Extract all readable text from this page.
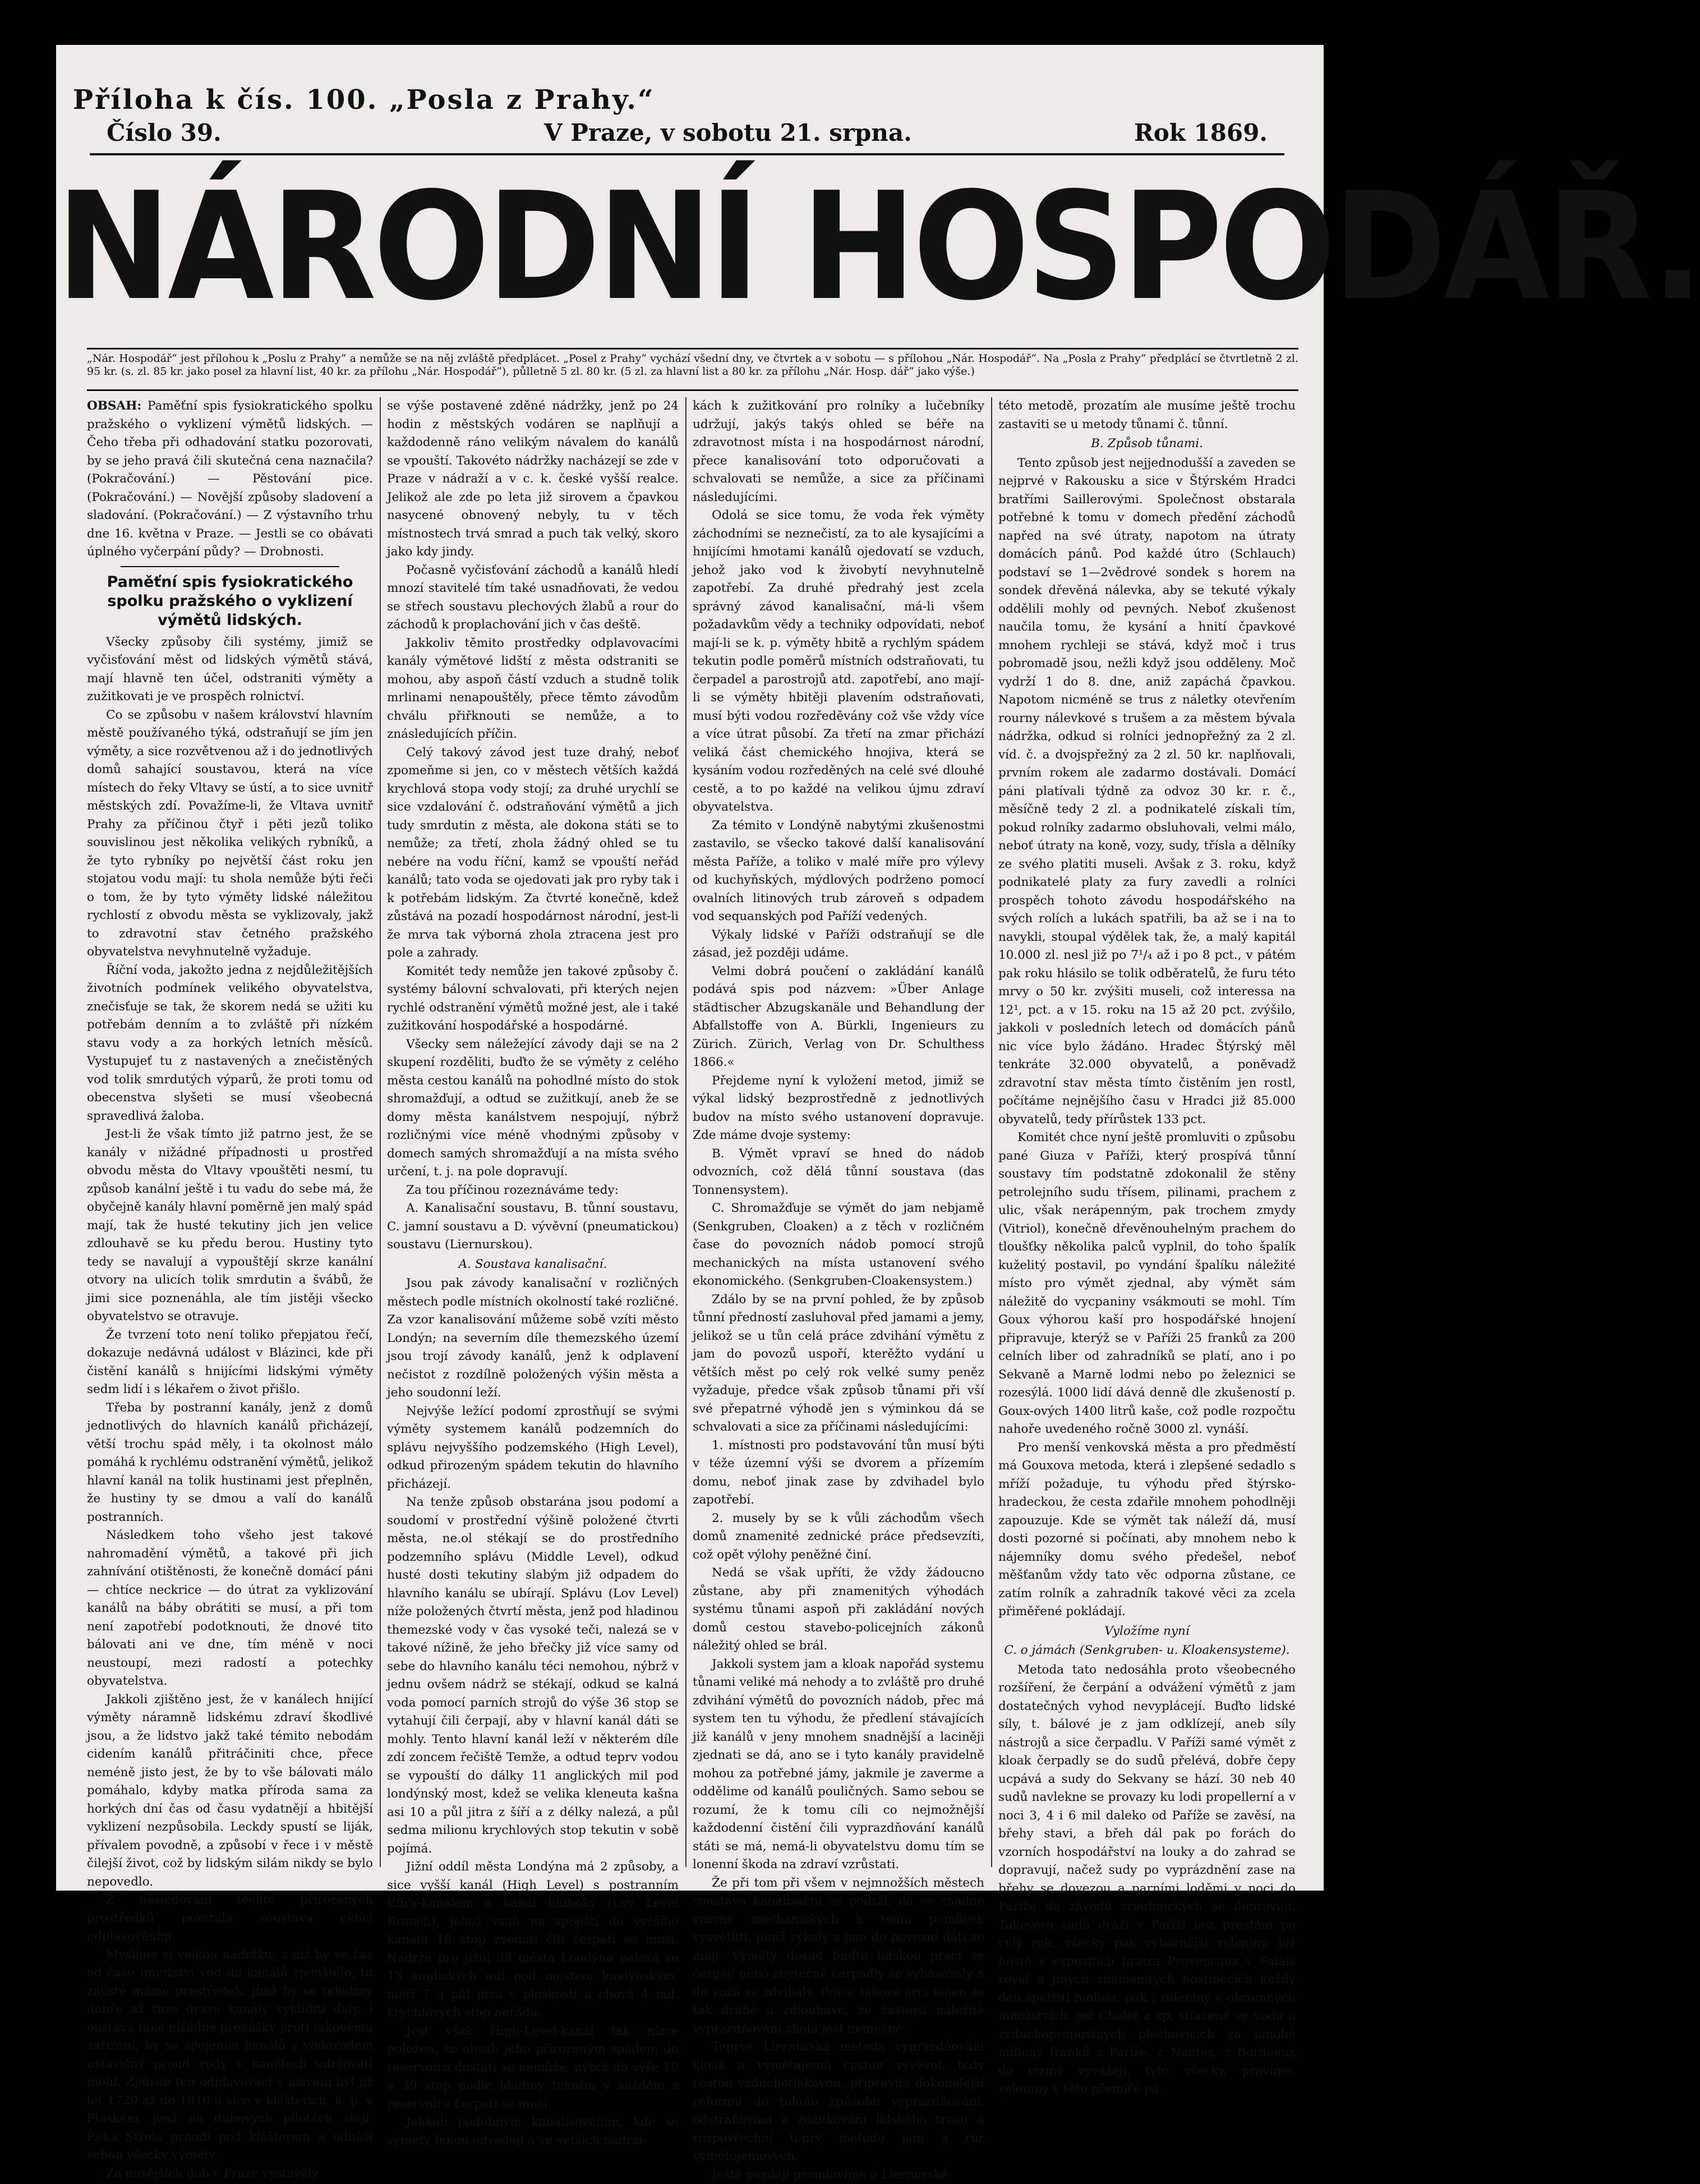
Příloha k čís. 100. „Posla z Prahy.“
Číslo 39.	V Praze, v sobotu 21. srpna.	Rok 1869.
NÁRODNÍ HOSPODÁŘ.
„Nár. Hospodář“ jest přílohou k „Poslu z Prahy“ a nemůže se na něj zvláště předplácet. „Posel z Prahy“ vychází všední dny, ve čtvrtek a v sobotu — s přílohou „Nár. Hospodář“. Na „Posla z Prahy“ předplácí se čtvrtletně 2 zl. 95 kr. (s. zl. 85 kr. jako posel za hlavní list, 40 kr. za přílohu „Nár. Hospodář“), půlletně 5 zl. 80 kr. (5 zl. za hlavní list a 80 kr. za přílohu „Nár. Hosp. dář“ jako výše.)

OBSAH: Paměťní spis fysiokratického spolku pražského o vyklizení výmětů lidských. — Čeho třeba při odhadování statku pozorovati, by se jeho pravá čili skutečná cena naznačila? (Pokračování.) — Pěstování pice. (Pokračování.) — Novější způsoby sladovení a sladování. (Pokračování.) — Z výstavního trhu dne 16. května v Praze. — Jestli se co obávati úplného vyčerpání půdy? — Drobnosti.

Paměťní spis fysiokratického spolku pražského o vyklizení výmětů lidských.

Všecky způsoby čili systémy, jimiž se vyčisťování měst od lidských výmětů stává, mají hlavně ten účel, odstraniti výměty a zužitkovati je ve prospěch rolnictví.

Co se způsobu v našem království hlavním městě používaného týká, odstraňují se jím jen výměty, a sice rozvětvenou až i do jednotlivých domů sahající soustavou, která na více místech do řeky Vltavy se ústí, a to sice uvnitř městských zdí. Považíme-li, že Vltava uvnitř Prahy za příčinou čtyř i pěti jezů toliko souvislinou jest několika velikých rybníků, a že tyto rybníky po největší část roku jen stojatou vodu mají: tu shola nemůže býti řeči o tom, že by tyto výměty lidské náležitou rychlostí z obvodu města se vyklizovaly, jakž to zdravotní stav četného pražského obyvatelstva nevyhnutelně vyžaduje.

Říční voda, jakožto jedna z nejdůležitějších životních podmínek velikého obyvatelstva, znečisťuje se tak, že skorem nedá se užiti ku potřebám denním a to zvláště při nízkém stavu vody a za horkých letních měsíců. Vystupujeť tu z nastavených a znečistěných vod tolik smrdutých výparů, že proti tomu od obecenstva slyšeti se musí všeobecná spravedlivá žaloba.

Jest-li že však tímto již patrno jest, že se kanály v nižádné případnosti u prostřed obvodu města do Vltavy vpouštěti nesmí, tu způsob kanální ještě i tu vadu do sebe má, že obyčejně kanály hlavní poměrně jen malý spád mají, tak že husté tekutiny jich jen velice zdlouhavě se ku předu berou. Hustiny tyto tedy se navalují a vypouštějí skrze kanální otvory na ulicích tolik smrdutin a švábů, že jimi sice poznenáhla, ale tím jistěji všecko obyvatelstvo se otravuje.

Že tvrzení toto není toliko přepjatou řečí, dokazuje nedávná událost v Blázinci, kde při čistění kanálů s hnijícími lidskými výměty sedm lidí i s lékařem o život přišlo.

Třeba by postranní kanály, jenž z domů jednotlivých do hlavních kanálů přicházejí, větší trochu spád měly, i ta okolnost málo pomáhá k rychlému odstranění výmětů, jelikož hlavní kanál na tolik hustinami jest přeplněn, že hustiny ty se dmou a valí do kanálů postranních.

Následkem toho všeho jest takové nahromadění výmětů, a takové při jich zahnívání otištěnosti, že konečně domácí páni — chtíce neckrice — do útrat za vyklizování kanálů na báby obrátiti se musí, a při tom není zapotřebí podotknouti, že dnové tito bálovati ani ve dne, tím méně v noci neustoupí, mezi radostí a potechky obyvatelstva.

Jakkoli zjištěno jest, že v kanálech hnijící výměty náramně lidskému zdraví škodlivé jsou, a že lidstvo jakž také témito nebodám cidením kanálů přitráčiniti chce, přece neméně jisto jest, že by to vše bálovati málo pomáhalo, kdyby matka příroda sama za horkých dní čas od času vydatnějí a hbitější vyklizení nezpůsobila. Leckdy spustí se liják, přívalem povodně, a způsobí v řece i v městě čilejší život, což by lidským silám nikdy se bylo nepovedlo.

Z následování těchto přirozených prostředků povstala soustava cídící odplavováním.

Myslíme si velkou nádržku, z níž by se čas od času množství vod do kanálů spouštělo, tu zajisté máme prostředek, jímž by se tekutiny dobře až tuze draze kanály vykliditi daly, i oustává také nížádné překážky proti takovému zařízení, by se spojením kanálů s vodovodem ustavičný proud vody v kanálech udržovati mohl. Způsob ten odplavovací v užívání byl již let 1720 až do 1810 a sice v klášterích, k. p. v Plaském, jenž na dubových pilotách stojí. Řeka Střela proudí pod klášterem a odnáší sebou všecky výměty.

Za novějších dob v Praze vystavěly

se výše postavené zděné nádržky, jenž po 24 hodin z městských vodáren se naplňují a každodenně ráno velikým návalem do kanálů se vpouští. Takovéto nádržky nacházejí se zde v Praze v nádraží a v c. k. české vyšší realce. Jelikož ale zde po leta již sirovem a čpavkou nasycené obnovený nebyly, tu v těch místnostech trvá smrad a puch tak velký, skoro jako kdy jindy.

Počasně vyčisťování záchodů a kanálů hledí mnozí stavitelé tím také usnadňovati, že vedou se střech soustavu plechových žlabů a rour do záchodů k proplachování jich v čas deště.

Jakkoliv těmito prostředky odplavovacími kanály výmětové lidští z města odstraniti se mohou, aby aspoň částí vzduch a studně tolik mrlinami nenapouštěly, přece těmto závodům chválu přiřknouti se nemůže, a to znásledujících příčin.

Celý takový závod jest tuze drahý, neboť zpomeňme si jen, co v městech větších každá krychlová stopa vody stojí; za druhé urychlí se sice vzdalování č. odstraňování výmětů a jich tudy smrdutin z města, ale dokona státi se to nemůže; za třetí, zhola žádný ohled se tu nebére na vodu říční, kamž se vpouští neřád kanálů; tato voda se ojedovati jak pro ryby tak i k potřebám lidským. Za čtvrté konečně, kdež zůstává na pozadí hospodárnost národní, jest-li že mrva tak výborná zhola ztracena jest pro pole a zahrady.

Komitét tedy nemůže jen takové způsoby č. systémy bálovní schvalovati, při kterých nejen rychlé odstranění výmětů možné jest, ale i také zužitkování hospodářské a hospodárné.

Všecky sem náležející závody daji se na 2 skupení rozděliti, buďto že se výměty z celého města cestou kanálů na pohodlné místo do stok shromažďují, a odtud se zužitkují, aneb že se domy města kanálstvem nespojují, nýbrž rozličnými více méně vhodnými způsoby v domech samých shromažďují a na místa svého určení, t. j. na pole dopravují.

Za tou příčinou rozeznáváme tedy:

A. Kanalisační soustavu, B. tůnní soustavu, C. jamní soustavu a D. vývěvní (pneumatickou) soustavu (Liernurskou).

A. Soustava kanalisační.

Jsou pak závody kanalisační v rozličných městech podle místních okolností také rozličné. Za vzor kanalisování můžeme sobě vzíti město Londýn; na severním díle themezského území jsou trojí závody kanálů, jenž k odplavení nečistot z rozdílně položených výšin města a jeho soudonní leží.

Nejvýše ležící podomí zprostňují se svými výměty systemem kanálů podzemních do splávu nejvyššího podzemského (High Level), odkud přirozeným spádem tekutin do hlavního přicházejí.

Na tenže způsob obstarána jsou podomí a soudomí v prostřední výšině položené čtvrti města, ne.ol stékají se do prostředního podzemního splávu (Middle Level), odkud husté dosti tekutiny slabým již odpadem do hlavního kanálu se ubírají. Splávu (Lov Level) níže položených čtvrtí města, jenž pod hladinou themezské vody v čas vysoké teči, nalezá se v takové nížině, že jeho břečky již více samy od sebe do hlavního kanálu téci nemohou, nýbrž v jednu ovšem nádrž se stékají, odkud se kalná voda pomocí parních strojů do výše 36 stop se vytahují čili čerpají, aby v hlavní kanál dáti se mohly. Tento hlavní kanál leží v některém díle zdí zoncem řečiště Temže, a odtud teprv vodou se vypouští do dálky 11 anglických mil pod londýnský most, kdež se velika kleneuta kašna asi 10 a půl jitra z šíří a z délky nalezá, a půl sedma milionu krychlových stop tekutin v sobě pojímá.

Jižní oddíl města Londýna má 2 způsoby, a sice vyšší kanál (High Level) s postranním Effra-kanálem a kanál hluboký (Lov Level Branch), jehož vsah na spojiští do vyššího kanálu 18 stop zvedati čili čerpati se musí. Nádrže pro jižní díl města Londýna nalezá se 13 anglických mil pod mostem londýnským, měří 7 a půl jitra v ploskosti a chová 4 mil. krychlových stop neřádu.

Jest však High-Level-kanál tak nízce položen, že obsah jeho přirozeným spádem do reservoiru dostati se nemůže, nýbrž do výše 10 a 30 stop podle hladiny tekutin v každém z reservoiru čerpati se musí.

Jakkoli podobným kanalisováním, kde se výměty fekou odvádějí a ve větších nádrží-

kách k zužitkování pro rolníky a lučebníky udržují, jakýs takýs ohled se béře na zdravotnost místa i na hospodárnost národní, přece kanalisování toto odporučovati a schvalovati se nemůže, a sice za příčinami následujícími.

Odolá se sice tomu, že voda řek výměty záchodními se neznečistí, za to ale kysajícími a hnijícími hmotami kanálů ojedovatí se vzduch, jehož jako vod k živobytí nevyhnutelně zapotřebí. Za druhé předrahý jest zcela správný závod kanalisační, má-li všem požadavkům vědy a techniky odpovídati, neboť mají-li se k. p. výměty hbitě a rychlým spádem tekutin podle poměrů místních odstraňovati, tu čerpadel a parostrojů atd. zapotřebí, ano mají-li se výměty hbitěji plavením odstraňovati, musí býti vodou rozředěvány což vše vždy více a více útrat působí. Za třetí na zmar přichází veliká část chemického hnojiva, která se kysáním vodou rozředěných na celé své dlouhé cestě, a to po každé na velikou újmu zdraví obyvatelstva.

Za témito v Londýně nabytými zkušenostmi zastavilo, se všecko takové další kanalisování města Paříže, a toliko v malé míře pro výlevy od kuchyňských, mýdlových podrženo pomocí ovalních litinových trub zároveň s odpadem vod sequanských pod Paříží vedených.

Výkaly lidské v Paříži odstraňují se dle zásad, jež později udáme.

Velmi dobrá poučení o zakládání kanálů podává spis pod názvem: »Über Anlage städtischer Abzugskanäle und Behandlung der Abfallstoffe von A. Bürkli, Ingenieurs zu Zürich. Zürich, Verlag von Dr. Schulthess 1866.«

Přejdeme nyní k vyložení metod, jimiž se výkal lidský bezprostředně z jednotlivých budov na místo svého ustanovení dopravuje. Zde máme dvoje systemy:

B. Výmět vpraví se hned do nádob odvozních, což dělá tůnní soustava (das Tonnensystem).

C. Shromažďuje se výmět do jam nebjamě (Senkgruben, Cloaken) a z těch v rozličném čase do povozních nádob pomocí strojů mechanických na místa ustanovení svého ekonomického. (Senkgruben-Cloakensystem.)

Zdálo by se na první pohled, že by způsob tůnní předností zasluhoval před jamami a jemy, jelikož se u tůn celá práce zdvihání výmětu z jam do povozů uspoří, kterěžto vydání u větších měst po celý rok velké sumy peněz vyžaduje, předce však způsob tůnami při vší své přepatrné výhodě jen s výminkou dá se schvalovati a sice za příčinami následujícími:

1. místnosti pro podstavování tůn musí býti v téže územní výši se dvorem a přízemím domu, neboť jinak zase by zdvihadel bylo zapotřebí.

2. musely by se k vůli záchodům všech domů znamenité zednické práce předsevzíti, což opět výlohy peněžné činí.

Nedá se však upříti, že vždy žádoucno zůstane, aby při znamenitých výhodách systému tůnami aspoň při zakládání nových domů cestou stavebo-policejních zákonů náležitý ohled se brál.

Jakkoli system jam a kloak napořád systemu tůnami veliké má nehody a to zvláště pro druhé zdvihání výmětů do povozních nádob, přec má system ten tu výhodu, že předlení stávajících již kanálů v jeny mnohem snadnější a laciněji zjednati se dá, ano se i tyto kanály pravidelně mohou za potřebné jámy, jakmile je zaverme a oddělime od kanálů pouličných. Samo sebou se rozumí, že k tomu cíli co nejmožnější každodenní čistění čili vyprazdňování kanálů státi se má, nemá-li obyvatelstvu domu tím se lonenní škoda na zdraví vzrůstati.

Že při tom při všem v nejmnožších městech soustava kanalisační se podrží, dá se snadno vzorně mechanických k tomu pomůcek vysvětliti, jimiž výkaly z jam do povozní dáti se mají. Výměty dosud buďto lidskou prací se čerpají nebo zbytečně čerpadly se vyhazovaly a do vozů se zdvihaly. Práce takové arci nejen že tak drahé a zdlouhavé, že častější náležité vyprazdňování zhola jest nemožné.

Teprvé Liernurská metoda vyprazdňování kloak a výmětajemů cestou vývěvní, tedy cestou vzduchotlakovou, připravila dokonalejší reformu do tohoto způsobu vyprazdňování, odstraňování a zužitkování lidského trusu a rozpovřechní teprv metodu jam a rur výmětojemových.

Ještě později promluvíme o Liernurské

této metodě, prozatím ale musíme ještě trochu zastaviti se u metody tůnami č. tůnní.

B. Způsob tůnami.

Tento způsob jest nejjednodušší a zaveden se nejprvé v Rakousku a sice v Štýrském Hradci bratřími Saillerovými. Společnost obstarala potřebné k tomu v domech předění záchodů napřed na své útraty, napotom na útraty domácích pánů. Pod každé útro (Schlauch) podstaví se 1—2vědrové sondek s horem na sondek dřevěná nálevka, aby se tekuté výkaly oddělili mohly od pevných. Neboť zkušenost naučila tomu, že kysání a hnití čpavkové mnohem rychleji se stává, když moč i trus pobromadě jsou, nežli když jsou odděleny. Moč vydrží 1 do 8. dne, aniž zapáchá čpavkou. Napotom nicméně se trus z náletky otevřením rourny nálevkové s trušem a za městem bývala nádržka, odkud si rolníci jednopřežný za 2 zl. víd. č. a dvojspřežný za 2 zl. 50 kr. naplňovali, prvním rokem ale zadarmo dostávali. Domácí páni platívali týdně za odvoz 30 kr. r. č., měsíčně tedy 2 zl. a podnikatelé získali tím, pokud rolníky zadarmo obsluhovali, velmi málo, neboť útraty na koně, vozy, sudy, třísla a dělníky ze svého platiti museli. Avšak z 3. roku, když podnikatelé platy za fury zavedli a rolníci prospěch tohoto závodu hospodářského na svých rolích a lukách spatřili, ba až se i na to navykli, stoupal výdělek tak, že, a malý kapitál 10.000 zl. nesl již po 7¹/₄ až i po 8 pct., v pátém pak roku hlásilo se tolik odběratelů, že furu této mrvy o 50 kr. zvýšiti museli, což interessa na 12¹, pct. a v 15. roku na 15 až 20 pct. zvýšilo, jakkoli v posledních letech od domácích pánů nic více bylo žádáno. Hradec Štýrský měl tenkráte 32.000 obyvatelů, a poněvadž zdravotní stav města tímto čistěním jen rostl, počítáme nejnějšího času v Hradci již 85.000 obyvatelů, tedy přírůstek 133 pct.

Komitét chce nyní ještě promluviti o způsobu pané Giuza v Paříži, který prospívá tůnní soustavy tím podstatně zdokonalil že stěny petrolejního sudu třísem, pilinami, prachem z ulic, však nerápenným, pak trochem zmydy (Vitriol), konečně dřevěnouhelným prachem do tloušťky několika palců vyplnil, do toho špalík kuželitý postavil, po vyndání špalíku náležité místo pro výmět zjednal, aby výmět sám náležitě do vycpaniny vsákmouti se mohl. Tím Goux výhorou kaší pro hospodářské hnojení připravuje, kterýž se v Paříži 25 franků za 200 celních liber od zahradníků se platí, ano i po Sekvaně a Marně lodmi nebo po železnici se rozesýlá. 1000 lidí dává denně dle zkušeností p. Goux-ových 1400 litrů kaše, což podle rozpočtu nahoře uvedeného ročně 3000 zl. vynáší.

Pro menší venkovská města a pro předměstí má Gouxova metoda, která i zlepšené sedadlo s mříží požaduje, tu výhodu před štýrsko-hradeckou, že cesta zdařile mnohem pohodlněji zapouzuje. Kde se výmět tak náleží dá, musí dosti pozorné si počínati, aby mnohem nebo k nájemníky domu svého předešel, neboť měšťanům vždy tato věc odporna zůstane, ce zatím rolník a zahradník takové věci za zcela přiměřené pokládají.

Vyložíme nyní

C. o jámách (Senkgruben- u. Kloakensysteme).

Metoda tato nedosáhla proto všeobecného rozšíření, že čerpání a odvážení výmětů z jam dostatečných vyhod nevyplácejí. Buďto lidské síly, t. bálové je z jam odklízejí, aneb síly nástrojů a sice čerpadlu. V Paříži samé výmět z kloak čerpadly se do sudů přelévá, dobře čepy ucpává a sudy do Sekvany se hází. 30 neb 40 sudů navlekne se provazy ku lodi propellerní a v noci 3, 4 i 6 mil daleko od Paříže se zavěsí, na břehy stavi, a břeh dál pak po forách do vzorních hospodářství na louky a do zahrad se dopravují, načež sudy po vyprázdnění zase na břehy se dovezou a parními loděmi v noci do Paříže do závodů sroubnických se dopravují. Takovéto sudů draží v Paříži bez přestání po celý rok; všecky pak vybornější zeleniny, jež hosté v expositích bratra Provencaux v Palais royal a jiných znamenitých hostinecích každý den spatřiti mohou, pak i zeleniny v ohromných množstvích, jež Cholet a sp. stlačené ve vodu a vzduchopropustných plechovicích za mnohé miliony franků z Paříže, z Nantes, z Bordeaux do ciziny vyvážejí, tyto všecky, pravime, zeleniny v této přemíře pa-
